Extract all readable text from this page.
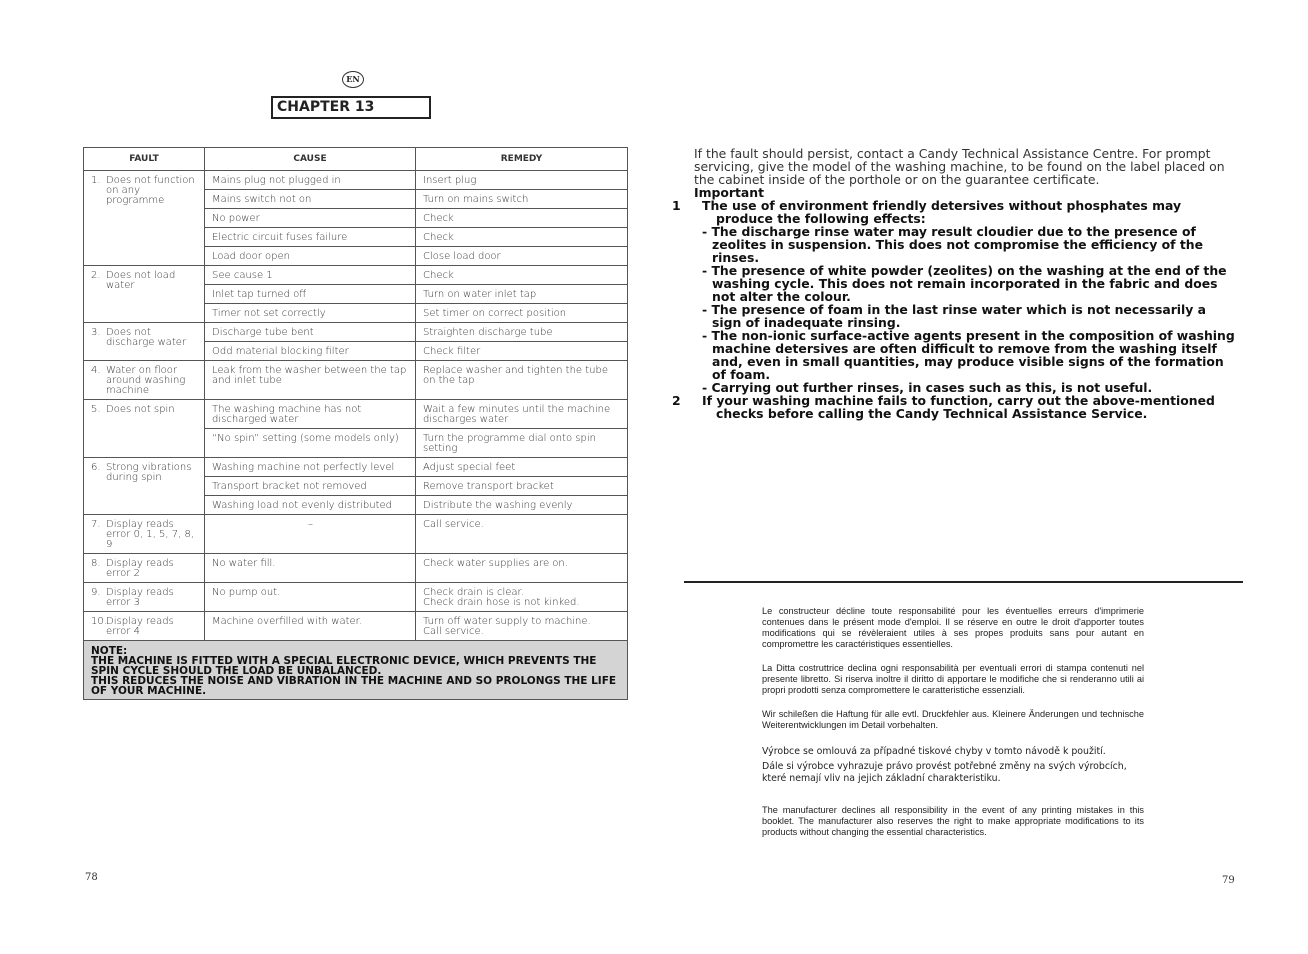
EN
CHAPTER 13
FAULT	CAUSE	REMEDY
1. Does not function on any programme	Mains plug not plugged in	Insert plug
	Mains switch not on	Turn on mains switch
	No power	Check
	Electric circuit fuses failure	Check
	Load door open	Close load door
2. Does not load water	See cause 1	Check
	Inlet tap turned off	Turn on water inlet tap
	Timer not set correctly	Set timer on correct position
3. Does not discharge water	Discharge tube bent	Straighten discharge tube
	Odd material blocking filter	Check filter
4. Water on floor around washing machine	Leak from the washer between the tap and inlet tube	Replace washer and tighten the tube on the tap
5. Does not spin	The washing machine has not discharged water	Wait a few minutes until the machine discharges water
	“No spin” setting (some models only)	Turn the programme dial onto spin setting
6. Strong vibrations during spin	Washing machine not perfectly level	Adjust special feet
	Transport bracket not removed	Remove transport bracket
	Washing load not evenly distributed	Distribute the washing evenly
7. Display reads error 0, 1, 5, 7, 8, 9	–	Call service.
8. Display reads error 2	No water fill.	Check water supplies are on.
9. Display reads error 3	No pump out.	Check drain is clear.
Check drain hose is not kinked.
10.Display reads error 4	Machine overfilled with water.	Turn off water supply to machine.
Call service.

NOTE:
THE MACHINE IS FITTED WITH A SPECIAL ELECTRONIC DEVICE, WHICH PREVENTS THE SPIN CYCLE SHOULD THE LOAD BE UNBALANCED.
THIS REDUCES THE NOISE AND VIBRATION IN THE MACHINE AND SO PROLONGS THE LIFE OF YOUR MACHINE.		
78

If the fault should persist, contact a Candy Technical Assistance Centre. For prompt servicing, give the model of the washing machine, to be found on the label placed on the cabinet inside of the porthole or on the guarantee certificate.

Important

1 The use of environment friendly detersives without phosphates may produce the following effects:

- The discharge rinse water may result cloudier due to the presence of zeolites in suspension. This does not compromise the efficiency of the rinses.

- The presence of white powder (zeolites) on the washing at the end of the washing cycle. This does not remain incorporated in the fabric and does not alter the colour.

- The presence of foam in the last rinse water which is not necessarily a sign of inadequate rinsing.

- The non-ionic surface-active agents present in the composition of washing machine detersives are often difficult to remove from the washing itself and, even in small quantities, may produce visible signs of the formation of foam.

- Carrying out further rinses, in cases such as this, is not useful.

2 If your washing machine fails to function, carry out the above-mentioned checks before calling the Candy Technical Assistance Service.

Le constructeur décline toute responsabilité pour les éventuelles erreurs d'imprimerie contenues dans le présent mode d'emploi. Il se réserve en outre le droit d'apporter toutes modifications qui se révèleraient utiles à ses propes produits sans pour autant en compromettre les caractéristiques essentielles.

La Ditta costruttrice declina ogni responsabilità per eventuali errori di stampa contenuti nel presente libretto. Si riserva inoltre il diritto di apportare le modifiche che si renderanno utili ai propri prodotti senza compromettere le caratteristiche essenziali.

Wir schileßen die Haftung für alle evtl. Druckfehler aus. Kleinere Änderungen und technische Weiterentwicklungen im Detail vorbehalten.

Výrobce se omlouvá za případné tiskové chyby v tomto návodě k použití.

Dále si výrobce vyhrazuje právo provést potřebné změny na svých výrobcích, které nemají vliv na jejich základní charakteristiku.

The manufacturer declines all responsibility in the event of any printing mistakes in this booklet. The manufacturer also reserves the right to make appropriate modifications to its products without changing the essential characteristics.

79
